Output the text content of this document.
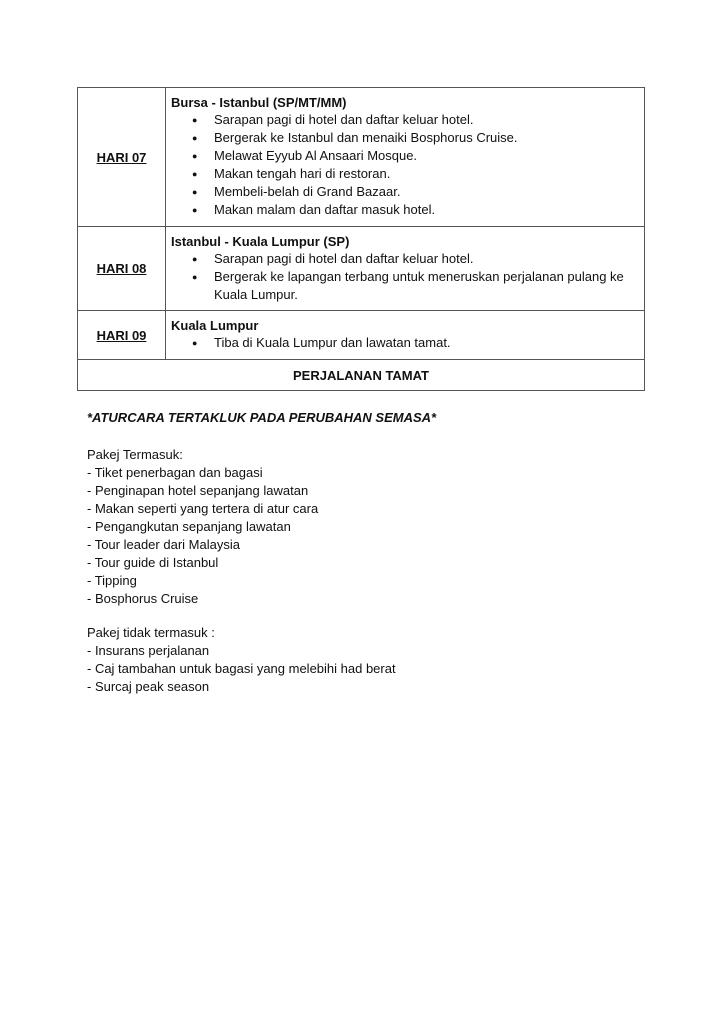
HARI 07	
Bursa - Istanbul (SP/MT/MM)
● Sarapan pagi di hotel dan daftar keluar hotel.
● Bergerak ke Istanbul dan menaiki Bosphorus Cruise.
● Melawat Eyyub Al Ansaari Mosque.
● Makan tengah hari di restoran.
● Membeli-belah di Grand Bazaar.
● Makan malam dan daftar masuk hotel.

HARI 08	
Istanbul - Kuala Lumpur (SP)
● Sarapan pagi di hotel dan daftar keluar hotel.
● Bergerak ke lapangan terbang untuk meneruskan perjalanan pulang ke Kuala Lumpur.

HARI 09	
Kuala Lumpur
● Tiba di Kuala Lumpur dan lawatan tamat.

PERJALANAN TAMAT	
*ATURCARA TERTAKLUK PADA PERUBAHAN SEMASA*
Pakej Termasuk:
- Tiket penerbagan dan bagasi
- Penginapan hotel sepanjang lawatan
- Makan seperti yang tertera di atur cara
- Pengangkutan sepanjang lawatan
- Tour leader dari Malaysia
- Tour guide di Istanbul
- Tipping
- Bosphorus Cruise
Pakej tidak termasuk :
- Insurans perjalanan
- Caj tambahan untuk bagasi yang melebihi had berat
- Surcaj peak season
